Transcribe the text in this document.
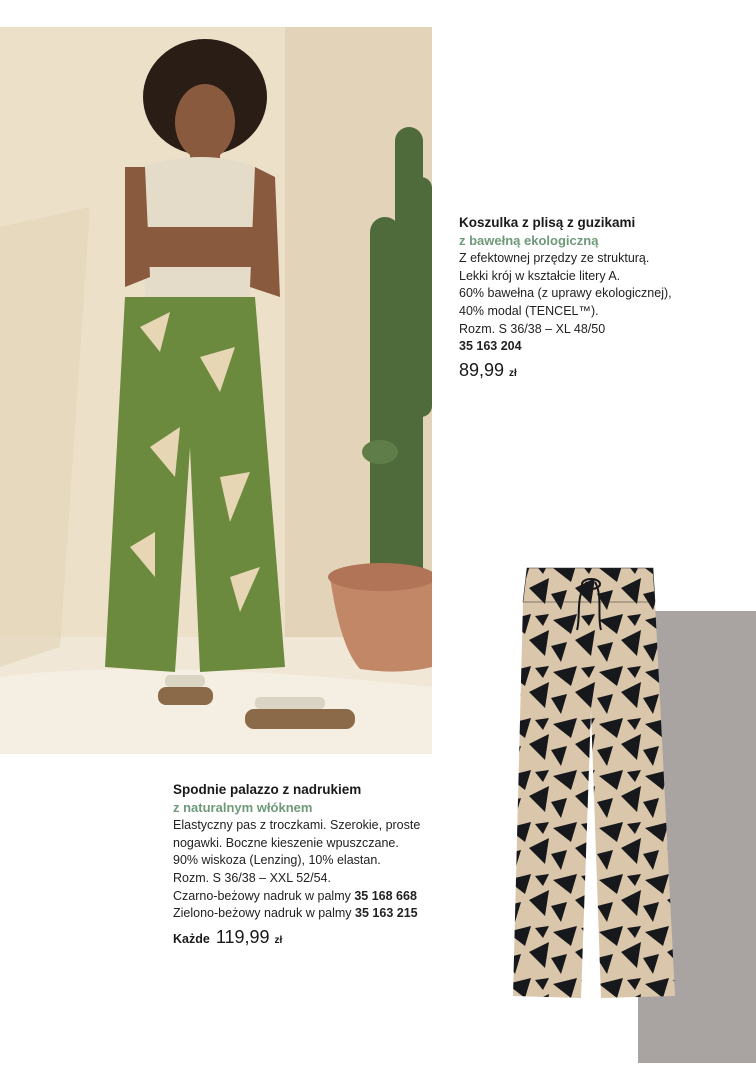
Koszulka z plisą z guzikami
z bawełną ekologiczną
Z efektownej przędzy ze strukturą.
Lekki krój w kształcie litery A.
60% bawełna (z uprawy ekologicznej),
40% modal (TENCEL™).
Rozm. S 36/38 – XL 48/50
35 163 204
89,99 zł
Spodnie palazzo z nadrukiem
z naturalnym włóknem
Elastyczny pas z troczkami. Szerokie, proste
nogawki. Boczne kieszenie wpuszczane.
90% wiskoza (Lenzing), 10% elastan.
Rozm. S 36/38 – XXL 52/54.
Czarno-beżowy nadruk w palmy 35 168 668
Zielono-beżowy nadruk w palmy 35 163 215
Każde 119,99 zł
